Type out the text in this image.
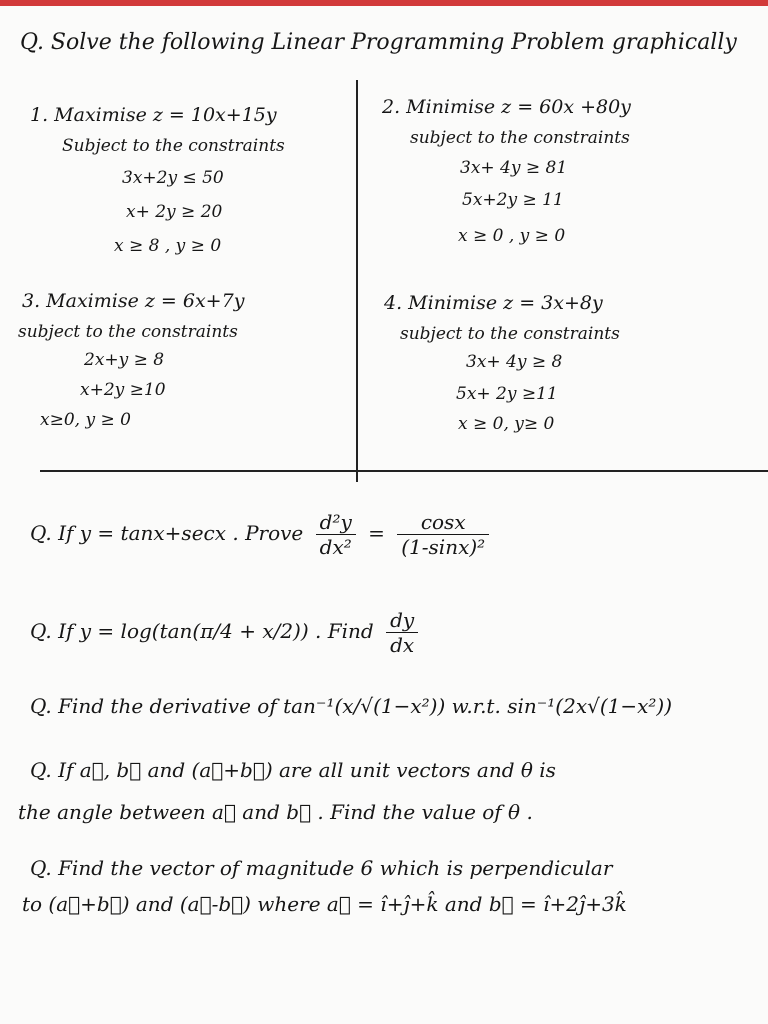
Q. Solve the following Linear Programming Problem graphically
1. Maximise z = 10x+15y
Subject to the constraints
3x+2y ≤ 50
x+ 2y ≥ 20
x ≥ 8 , y ≥ 0
2. Minimise z = 60x +80y
subject to the constraints
3x+ 4y ≥ 81
5x+2y ≥ 11
x ≥ 0 , y ≥ 0
3. Maximise z = 6x+7y
subject to the constraints
2x+y ≥ 8
x+2y ≥10
x≥0, y ≥ 0
4. Minimise z = 3x+8y
subject to the constraints
3x+ 4y ≥ 8
5x+ 2y ≥11
x ≥ 0, y≥ 0
Q. If y = tanx+secx . Prove $\frac{\text{d²y}}{\text{dx²}} = \frac{\cos x}{\text{(1-sinx)²}}$
Q. If y = log(tan(π/4 + x/2)) . Find $\frac{dy}{dx}$
Q. Find the derivative of tan⁻¹(x/√(1−x²)) w.r.t. sin⁻¹(2x√(1−x²))
Q. If a⃗, b⃗ and (a⃗+b⃗) are all unit vectors and θ is
the angle between a⃗ and b⃗ . Find the value of θ .
Q. Find the vector of magnitude 6 which is perpendicular
to (a⃗+b⃗) and (a⃗-b⃗) where a⃗ = î+ĵ+k̂ and b⃗ = î+2ĵ+3k̂
